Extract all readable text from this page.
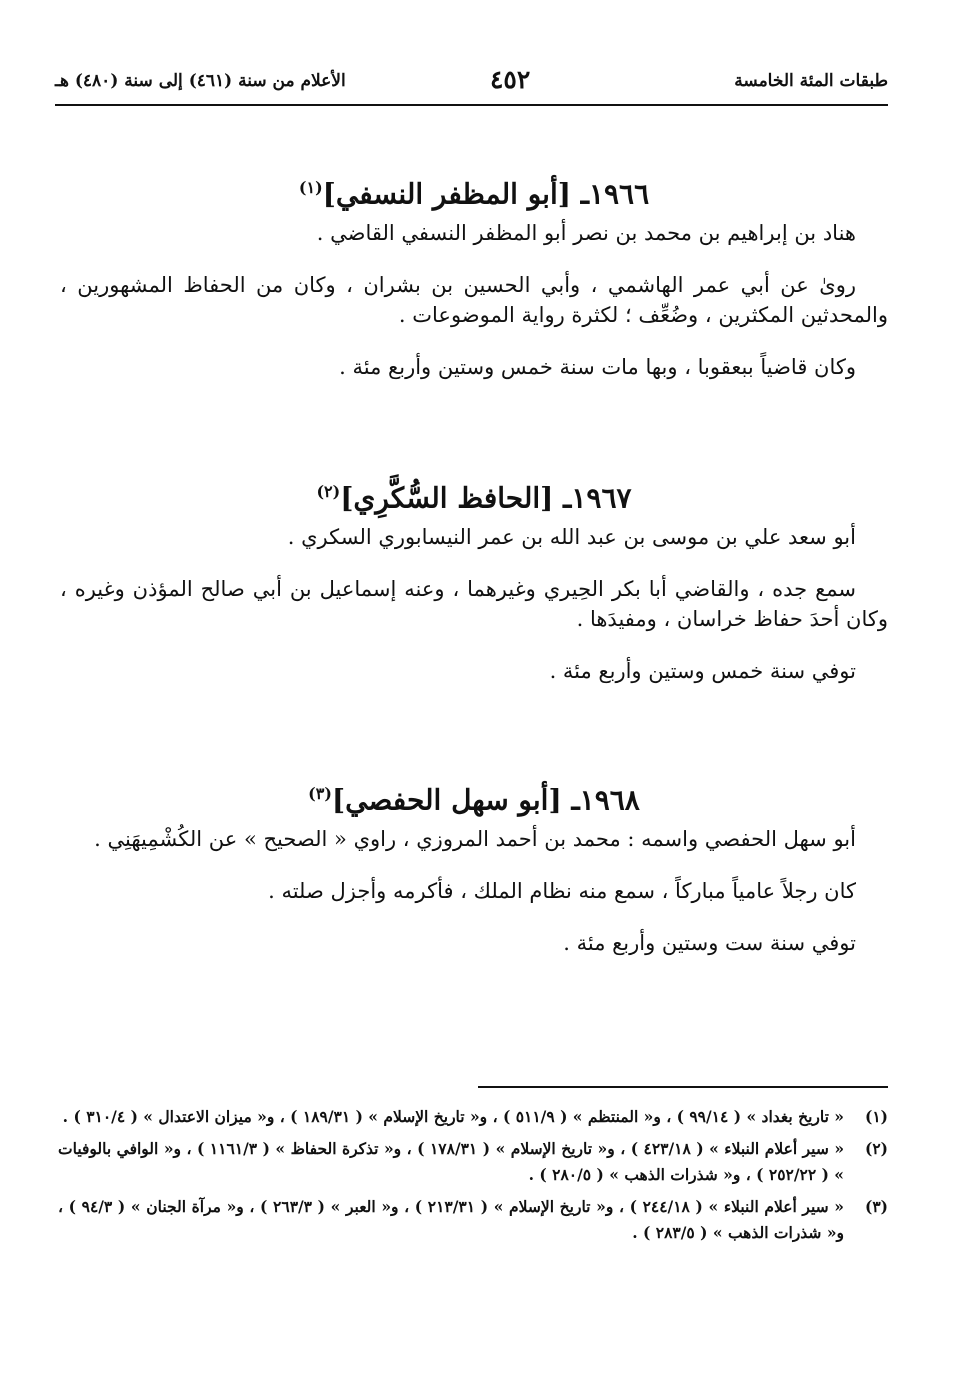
طبقات المئة الخامسة
٤٥٢
الأعلام من سنة (٤٦١) إلى سنة (٤٨٠) هـ
١٩٦٦ـ [أبو المظفر النسفي]$^{(١)}$

هناد بن إبراهيم بن محمد بن نصر أبو المظفر النسفي القاضي .

روىٰ عن أبي عمر الهاشمي ، وأبي الحسين بن بشران ، وكان من الحفاظ المشهورين ، والمحدثين المكثرين ، وضُعِّف ؛ لكثرة رواية الموضوعات .

وكان قاضياً ببعقوبا ، وبها مات سنة خمس وستين وأربع مئة .

١٩٦٧ـ [الحافظ السُّكَّرِي]$^{(٢)}$

أبو سعد علي بن موسى بن عبد الله بن عمر النيسابوري السكري .

سمع جده ، والقاضي أبا بكر الحِيري وغيرهما ، وعنه إسماعيل بن أبي صالح المؤذن وغيره ، وكان أحدَ حفاظ خراسان ، ومفيدَها .

توفي سنة خمس وستين وأربع مئة .

١٩٦٨ـ [أبو سهل الحفصي]$^{(٣)}$

أبو سهل الحفصي واسمه : محمد بن أحمد المروزي ، راوي « الصحيح » عن الكُشْمِيهَنِي .

كان رجلاً عامياً مباركاً ، سمع منه نظام الملك ، فأكرمه وأجزل صلته .

توفي سنة ست وستين وأربع مئة .

(١)
« تاريخ بغداد » ( ٩٩/١٤ ) ، و« المنتظم » ( ٥١١/٩ ) ، و« تاريخ الإسلام » ( ١٨٩/٣١ ) ، و« ميزان الاعتدال » ( ٣١٠/٤ ) .
(٢)
« سير أعلام النبلاء » ( ٤٢٣/١٨ ) ، و« تاريخ الإسلام » ( ١٧٨/٣١ ) ، و« تذكرة الحفاظ » ( ١١٦١/٣ ) ، و« الوافي بالوفيات » ( ٢٥٢/٢٢ ) ، و« شذرات الذهب » ( ٢٨٠/٥ ) .
(٣)
« سير أعلام النبلاء » ( ٢٤٤/١٨ ) ، و« تاريخ الإسلام » ( ٢١٣/٣١ ) ، و« العبر » ( ٢٦٣/٣ ) ، و« مرآة الجنان » ( ٩٤/٣ ) ، و« شذرات الذهب » ( ٢٨٣/٥ ) .
